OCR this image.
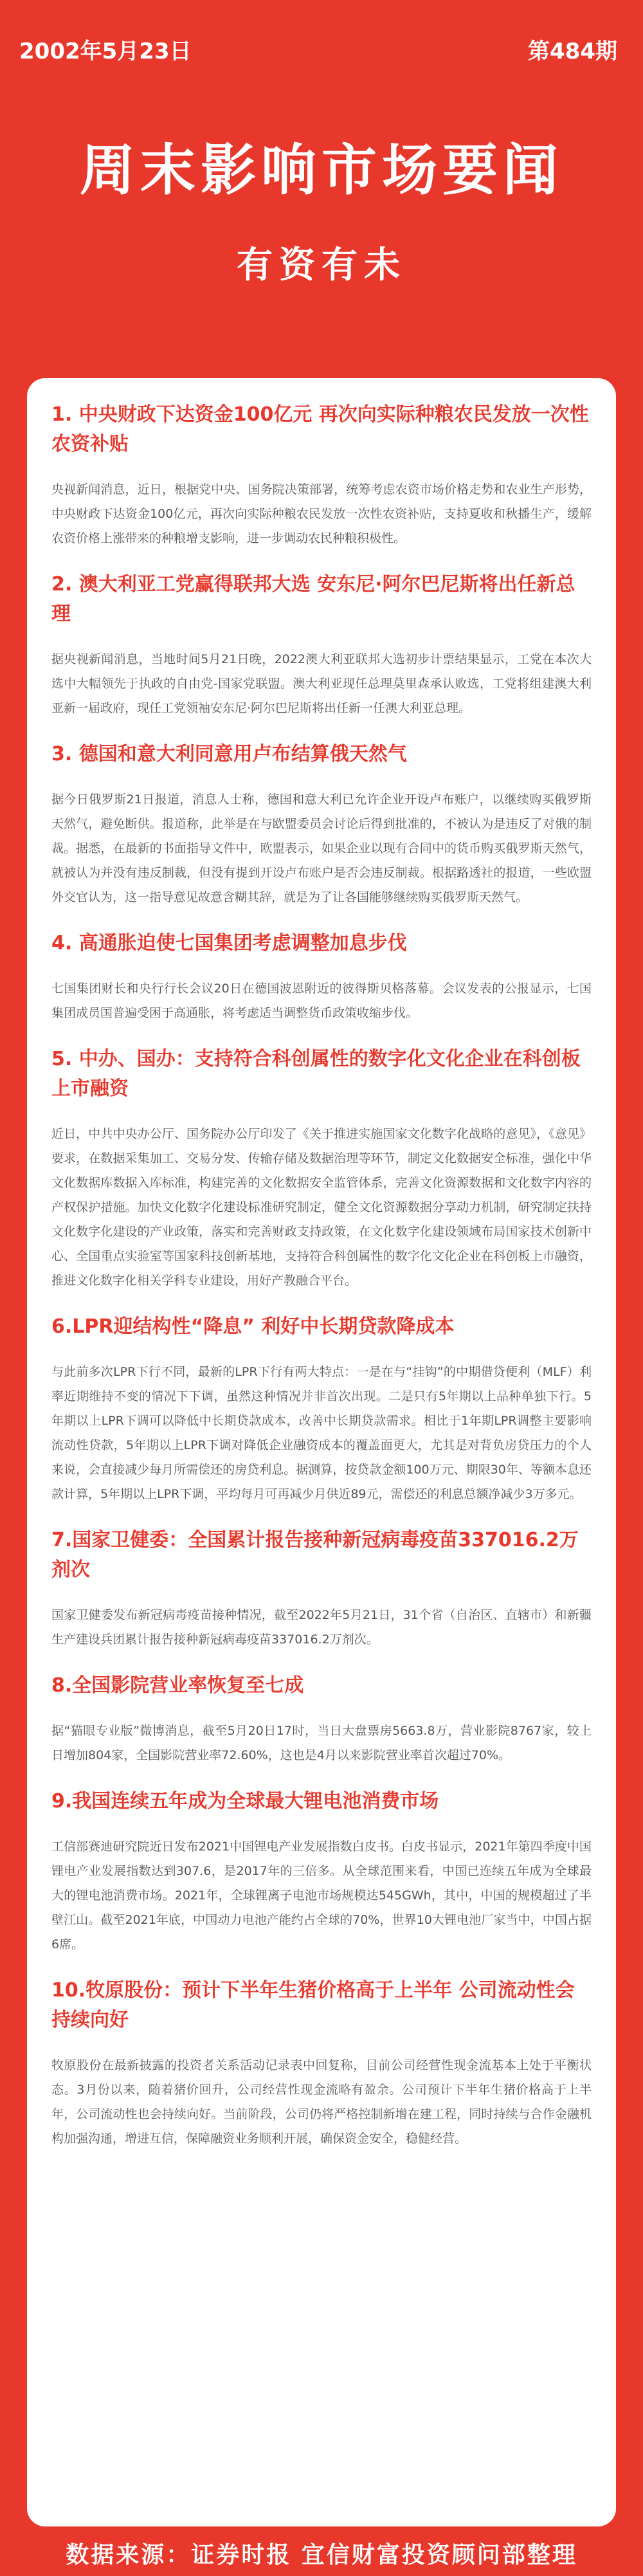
2002年5月23日	第484期
周末影响市场要闻
有资有未
1. 中央财政下达资金100亿元 再次向实际种粮农民发放一次性农资补贴

央视新闻消息，近日，根据党中央、国务院决策部署，统筹考虑农资市场价格走势和农业生产形势，中央财政下达资金100亿元，再次向实际种粮农民发放一次性农资补贴，支持夏收和秋播生产，缓解农资价格上涨带来的种粮增支影响，进一步调动农民种粮积极性。

2. 澳大利亚工党赢得联邦大选 安东尼·阿尔巴尼斯将出任新总理

据央视新闻消息，当地时间5月21日晚，2022澳大利亚联邦大选初步计票结果显示，工党在本次大选中大幅领先于执政的自由党-国家党联盟。澳大利亚现任总理莫里森承认败选，工党将组建澳大利亚新一届政府，现任工党领袖安东尼·阿尔巴尼斯将出任新一任澳大利亚总理。

3. 德国和意大利同意用卢布结算俄天然气

据今日俄罗斯21日报道，消息人士称，德国和意大利已允许企业开设卢布账户，以继续购买俄罗斯天然气，避免断供。报道称，此举是在与欧盟委员会讨论后得到批准的，不被认为是违反了对俄的制裁。据悉，在最新的书面指导文件中，欧盟表示，如果企业以现有合同中的货币购买俄罗斯天然气，就被认为并没有违反制裁，但没有提到开设卢布账户是否会违反制裁。根据路透社的报道，一些欧盟外交官认为，这一指导意见故意含糊其辞，就是为了让各国能够继续购买俄罗斯天然气。

4. 高通胀迫使七国集团考虑调整加息步伐

七国集团财长和央行行长会议20日在德国波恩附近的彼得斯贝格落幕。会议发表的公报显示，七国集团成员国普遍受困于高通胀，将考虑适当调整货币政策收缩步伐。

5. 中办、国办：支持符合科创属性的数字化文化企业在科创板上市融资

近日，中共中央办公厅、国务院办公厅印发了《关于推进实施国家文化数字化战略的意见》，《意见》要求，在数据采集加工、交易分发、传输存储及数据治理等环节，制定文化数据安全标准，强化中华文化数据库数据入库标准，构建完善的文化数据安全监管体系，完善文化资源数据和文化数字内容的产权保护措施。加快文化数字化建设标准研究制定，健全文化资源数据分享动力机制，研究制定扶持文化数字化建设的产业政策，落实和完善财政支持政策，在文化数字化建设领域布局国家技术创新中心、全国重点实验室等国家科技创新基地，支持符合科创属性的数字化文化企业在科创板上市融资，推进文化数字化相关学科专业建设，用好产教融合平台。

6.LPR迎结构性“降息” 利好中长期贷款降成本

与此前多次LPR下行不同，最新的LPR下行有两大特点：一是在与“挂钩”的中期借贷便利（MLF）利率近期维持不变的情况下下调，虽然这种情况并非首次出现。二是只有5年期以上品种单独下行。5年期以上LPR下调可以降低中长期贷款成本，改善中长期贷款需求。相比于1年期LPR调整主要影响流动性贷款，5年期以上LPR下调对降低企业融资成本的覆盖面更大，尤其是对背负房贷压力的个人来说，会直接减少每月所需偿还的房贷利息。据测算，按贷款金额100万元、期限30年、等额本息还款计算，5年期以上LPR下调，平均每月可再减少月供近89元，需偿还的利息总额净减少3万多元。

7.国家卫健委：全国累计报告接种新冠病毒疫苗337016.2万剂次

国家卫健委发布新冠病毒疫苗接种情况，截至2022年5月21日，31个省（自治区、直辖市）和新疆生产建设兵团累计报告接种新冠病毒疫苗337016.2万剂次。

8.全国影院营业率恢复至七成

据“猫眼专业版”微博消息，截至5月20日17时，当日大盘票房5663.8万，营业影院8767家，较上日增加804家，全国影院营业率72.60%，这也是4月以来影院营业率首次超过70%。

9.我国连续五年成为全球最大锂电池消费市场

工信部赛迪研究院近日发布2021中国锂电产业发展指数白皮书。白皮书显示，2021年第四季度中国锂电产业发展指数达到307.6，是2017年的三倍多。从全球范围来看，中国已连续五年成为全球最大的锂电池消费市场。2021年，全球锂离子电池市场规模达545GWh，其中，中国的规模超过了半壁江山。截至2021年底，中国动力电池产能约占全球的70%，世界10大锂电池厂家当中，中国占据6席。

10.牧原股份：预计下半年生猪价格高于上半年 公司流动性会持续向好

牧原股份在最新披露的投资者关系活动记录表中回复称，目前公司经营性现金流基本上处于平衡状态。3月份以来，随着猪价回升，公司经营性现金流略有盈余。公司预计下半年生猪价格高于上半年，公司流动性也会持续向好。当前阶段，公司仍将严格控制新增在建工程，同时持续与合作金融机构加强沟通，增进互信，保障融资业务顺利开展，确保资金安全，稳健经营。

数据来源：证券时报 宜信财富投资顾问部整理
